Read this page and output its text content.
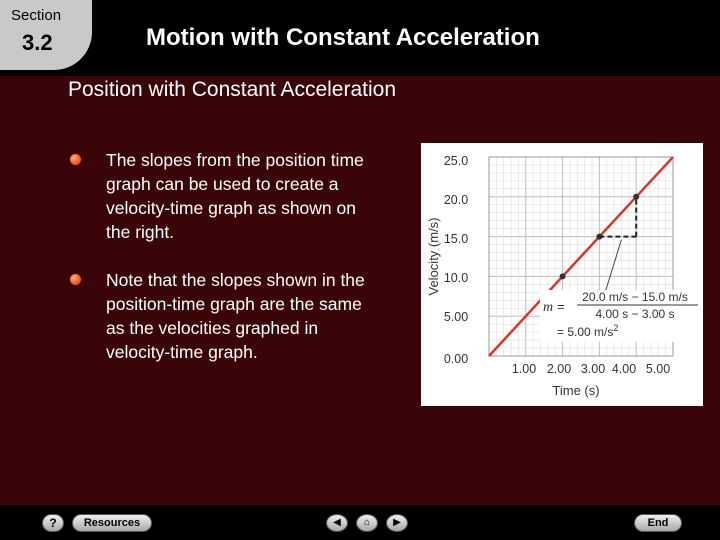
Section
3.2	Motion with Constant Acceleration
Position with Constant Acceleration
The slopes from the position time graph can be used to create a velocity-time graph as shown on the right.
Note that the slopes shown in the position-time graph are the same as the velocities graphed in velocity-time graph.
Velocity (m/s)
Time (s)
25.0
20.0
15.0
10.0
5.00
0.00
1.00 2.00 3.00 4.00 5.00
m =
20.0 m/s − 15.0 m/s
4.00 s − 3.00 s
= 5.00 $m/s^2$
?	Resources	◀	⌂	▶	End
